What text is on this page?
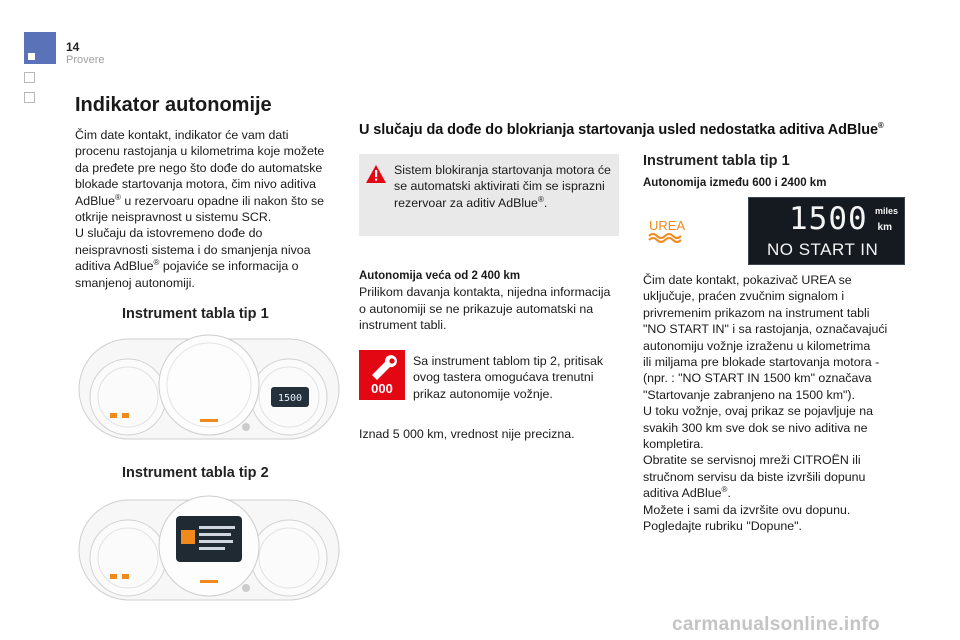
14
Provere
Indikator autonomije
Čim date kontakt, indikator će vam dati
procenu rastojanja u kilometrima koje možete
da pređete pre nego što dođe do automatske
blokade startovanja motora, čim nivo aditiva
AdBlue® u rezervoaru opadne ili nakon što se
otkrije neispravnost u sistemu SCR.
U slučaju da istovremeno dođe do
neispravnosti sistema i do smanjenja nivoa
aditiva AdBlue® pojaviće se informacija o
smanjenoj autonomiji.
Instrument tabla tip 1
1500
Instrument tabla tip 2
U slučaju da dođe do blokrianja startovanja usled nedostatka aditiva AdBlue®
Sistem blokiranja startovanja motora će
se automatski aktivirati čim se isprazni
rezervoar za aditiv AdBlue®.
Autonomija veća od 2 400 km
Prilikom davanja kontakta, nijedna informacija
o autonomiji se ne prikazuje automatski na
instrument tabli.
000
Sa instrument tablom tip 2, pritisak
ovog tastera omogućava trenutni
prikaz autonomije vožnje.
Iznad 5 000 km, vrednost nije precizna.
Instrument tabla tip 1
Autonomija između 600 i 2400 km
UREA	1500 miles
km
NO START IN
Čim date kontakt, pokazivač UREA se
uključuje, praćen zvučnim signalom i
privremenim prikazom na instrument tabli
"NO START IN" i sa rastojanja, označavajući
autonomiju vožnje izraženu u kilometrima
ili miljama pre blokade startovanja motora -
(npr. : "NO START IN 1500 km" označava
"Startovanje zabranjeno na 1500 km").
U toku vožnje, ovaj prikaz se pojavljuje na
svakih 300 km sve dok se nivo aditiva ne
kompletira.
Obratite se servisnoj mreži CITROËN ili
stručnom servisu da biste izvršili dopunu
aditiva AdBlue®.
Možete i sami da izvršite ovu dopunu.
Pogledajte rubriku "Dopune".
carmanualsonline.info
